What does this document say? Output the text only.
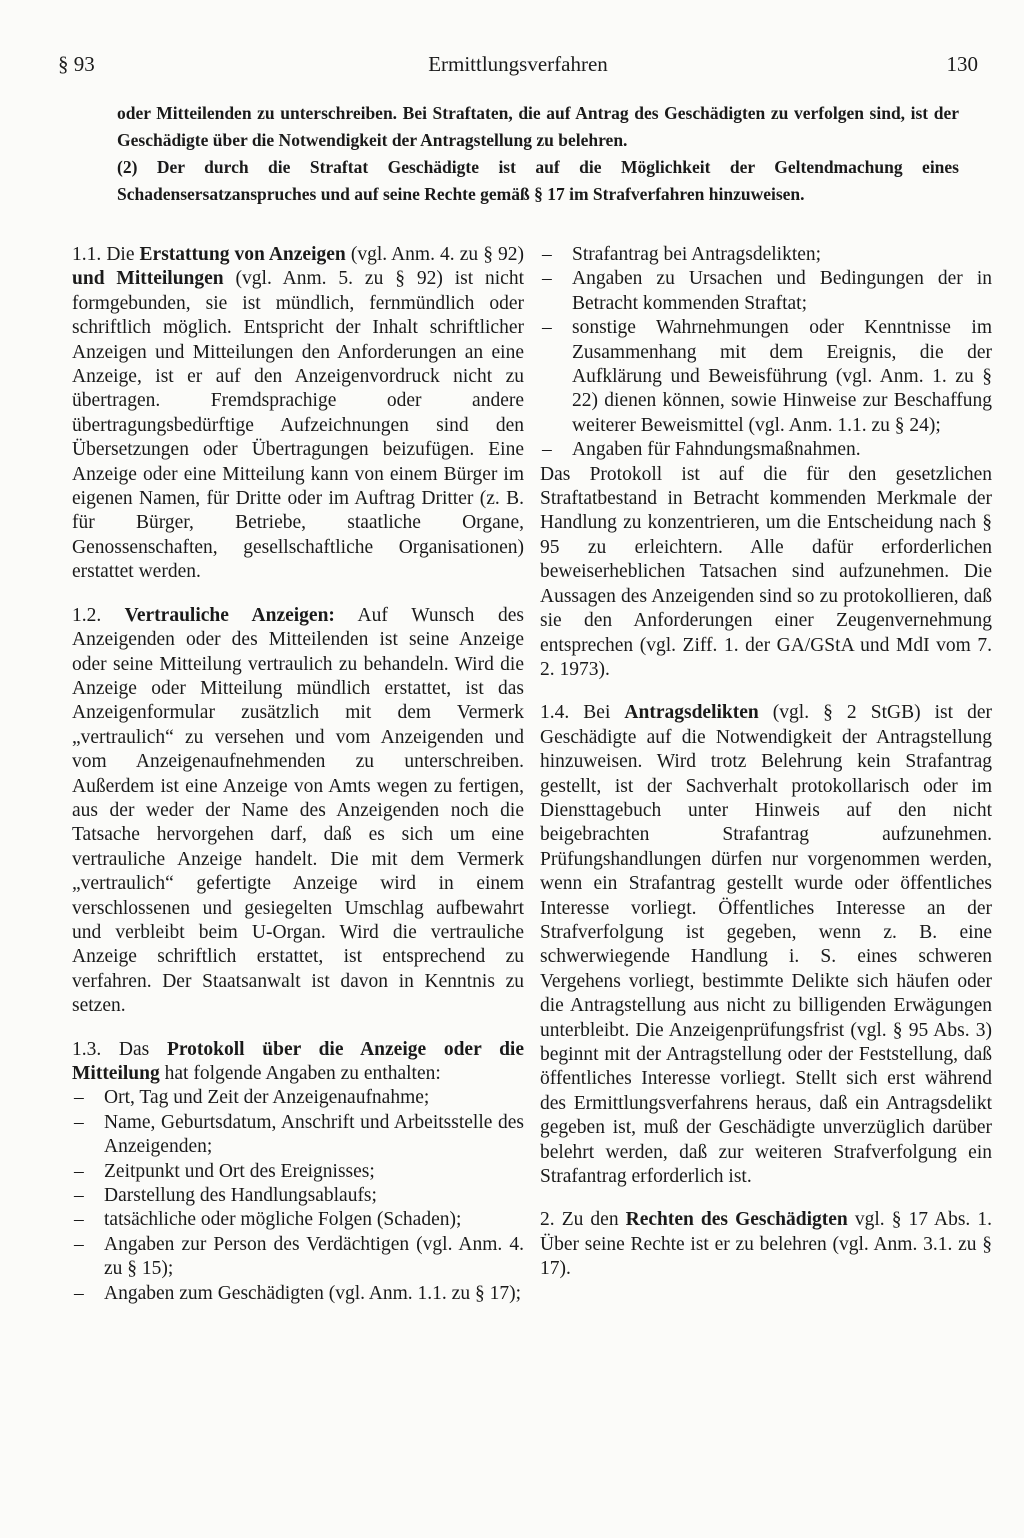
Ermittlungsverfahren
§ 93	130

oder Mitteilenden zu unterschreiben. Bei Straftaten, die auf Antrag des Geschädigten zu verfolgen sind, ist der Geschädigte über die Notwendigkeit der Antragstellung zu belehren.

(2) Der durch die Straftat Geschädigte ist auf die Möglichkeit der Geltendmachung eines Schadensersatzanspruches und auf seine Rechte gemäß § 17 im Strafverfahren hinzuweisen.

1.1. Die Erstattung von Anzeigen (vgl. Anm. 4. zu § 92) und Mitteilungen (vgl. Anm. 5. zu § 92) ist nicht formgebunden, sie ist mündlich, fernmündlich oder schriftlich möglich. Entspricht der Inhalt schriftlicher Anzeigen und Mitteilungen den Anforderungen an eine Anzeige, ist er auf den Anzeigenvordruck nicht zu übertragen. Fremdsprachige oder andere übertragungsbedürftige Aufzeichnungen sind den Übersetzungen oder Übertragungen beizufügen. Eine Anzeige oder eine Mitteilung kann von einem Bürger im eigenen Namen, für Dritte oder im Auftrag Dritter (z. B. für Bürger, Betriebe, staatliche Organe, Genossenschaften, gesellschaftliche Organisationen) erstattet werden.

1.2. Vertrauliche Anzeigen: Auf Wunsch des Anzeigenden oder des Mitteilenden ist seine Anzeige oder seine Mitteilung vertraulich zu behandeln. Wird die Anzeige oder Mitteilung mündlich erstattet, ist das Anzeigenformular zusätzlich mit dem Vermerk „vertraulich“ zu versehen und vom Anzeigenden und vom Anzeigenaufnehmenden zu unterschreiben. Außerdem ist eine Anzeige von Amts wegen zu fertigen, aus der weder der Name des Anzeigenden noch die Tatsache hervorgehen darf, daß es sich um eine vertrauliche Anzeige handelt. Die mit dem Vermerk „vertraulich“ gefertigte Anzeige wird in einem verschlossenen und gesiegelten Umschlag aufbewahrt und verbleibt beim U-Organ. Wird die vertrauliche Anzeige schriftlich erstattet, ist entsprechend zu verfahren. Der Staatsanwalt ist davon in Kenntnis zu setzen.

1.3. Das Protokoll über die Anzeige oder die Mitteilung hat folgende Angaben zu enthalten:

– Ort, Tag und Zeit der Anzeigenaufnahme;
– Name, Geburtsdatum, Anschrift und Arbeitsstelle des Anzeigenden;
– Zeitpunkt und Ort des Ereignisses;
– Darstellung des Handlungsablaufs;
– tatsächliche oder mögliche Folgen (Schaden);
– Angaben zur Person des Verdächtigen (vgl. Anm. 4. zu § 15);
– Angaben zum Geschädigten (vgl. Anm. 1.1. zu § 17);
– Strafantrag bei Antragsdelikten;
– Angaben zu Ursachen und Bedingungen der in Betracht kommenden Straftat;
– sonstige Wahrnehmungen oder Kenntnisse im Zusammenhang mit dem Ereignis, die der Aufklärung und Beweisführung (vgl. Anm. 1. zu § 22) dienen können, sowie Hinweise zur Beschaffung weiterer Beweismittel (vgl. Anm. 1.1. zu § 24);
– Angaben für Fahndungsmaßnahmen.

Das Protokoll ist auf die für den gesetzlichen Straftatbestand in Betracht kommenden Merkmale der Handlung zu konzentrieren, um die Entscheidung nach § 95 zu erleichtern. Alle dafür erforderlichen beweiserheblichen Tatsachen sind aufzunehmen. Die Aussagen des Anzeigenden sind so zu protokollieren, daß sie den Anforderungen einer Zeugenvernehmung entsprechen (vgl. Ziff. 1. der GA/GStA und MdI vom 7. 2. 1973).

1.4. Bei Antragsdelikten (vgl. § 2 StGB) ist der Geschädigte auf die Notwendigkeit der Antragstellung hinzuweisen. Wird trotz Belehrung kein Strafantrag gestellt, ist der Sachverhalt protokollarisch oder im Diensttagebuch unter Hinweis auf den nicht beigebrachten Strafantrag aufzunehmen. Prüfungshandlungen dürfen nur vorgenommen werden, wenn ein Strafantrag gestellt wurde oder öffentliches Interesse vorliegt. Öffentliches Interesse an der Strafverfolgung ist gegeben, wenn z. B. eine schwerwiegende Handlung i. S. eines schweren Vergehens vorliegt, bestimmte Delikte sich häufen oder die Antragstellung aus nicht zu billigenden Erwägungen unterbleibt. Die Anzeigenprüfungsfrist (vgl. § 95 Abs. 3) beginnt mit der Antragstellung oder der Feststellung, daß öffentliches Interesse vorliegt. Stellt sich erst während des Ermittlungsverfahrens heraus, daß ein Antragsdelikt gegeben ist, muß der Geschädigte unverzüglich darüber belehrt werden, daß zur weiteren Strafverfolgung ein Strafantrag erforderlich ist.

2. Zu den Rechten des Geschädigten vgl. § 17 Abs. 1. Über seine Rechte ist er zu belehren (vgl. Anm. 3.1. zu § 17).
